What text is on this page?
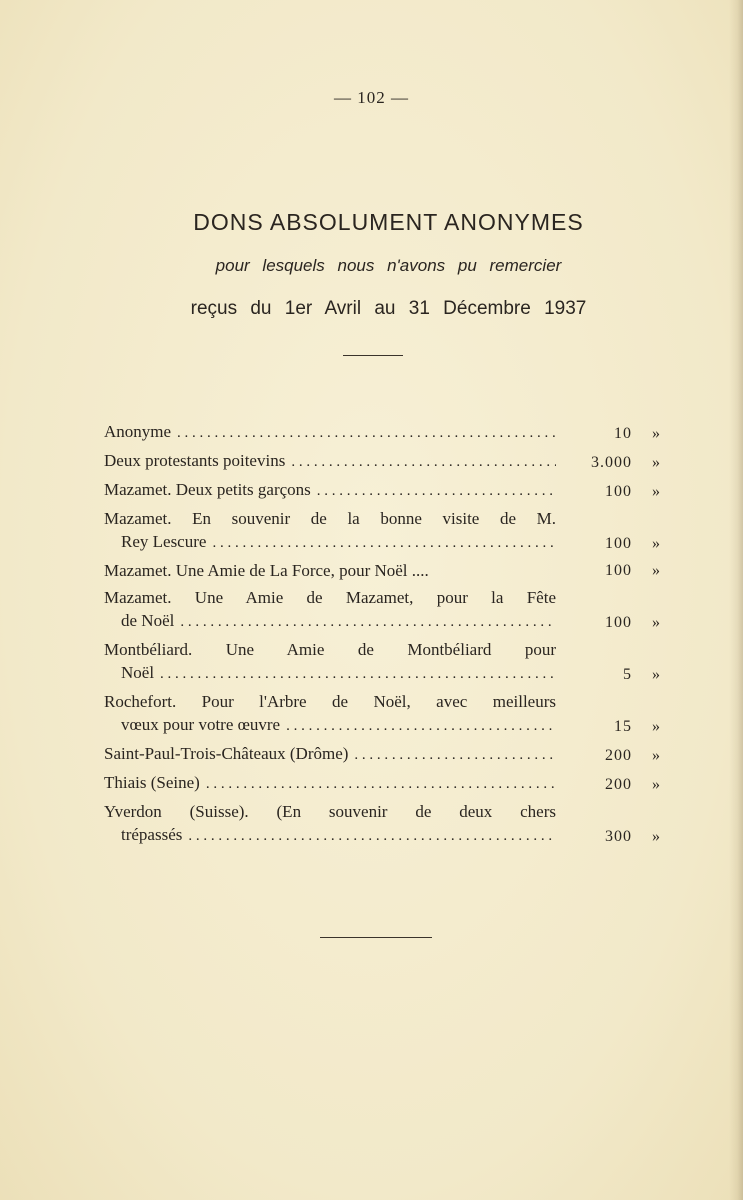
— 102 —
DONS ABSOLUMENT ANONYMES
pour lesquels nous n'avons pu remercier
reçus du 1er Avril au 31 Décembre 1937
Anonyme . . .	10 »
Deux protestants poitevins . . .	3.000 »
Mazamet. Deux petits garçons . . .	100 »
Mazamet. En souvenir de la bonne visite de M.
Rey Lescure . . .	100 »
Mazamet. Une Amie de La Force, pour Noël ....	100 »
Mazamet. Une Amie de Mazamet, pour la Fête
de Noël . . .	100 »
Montbéliard. Une Amie de Montbéliard pour
Noël . . .	5 »
Rochefort. Pour l'Arbre de Noël, avec meilleurs
vœux pour votre œuvre . . .	15 »
Saint-Paul-Trois-Châteaux (Drôme) . . .	200 »
Thiais (Seine) . . .	200 »
Yverdon (Suisse). (En souvenir de deux chers
trépassés . . .	300 »
